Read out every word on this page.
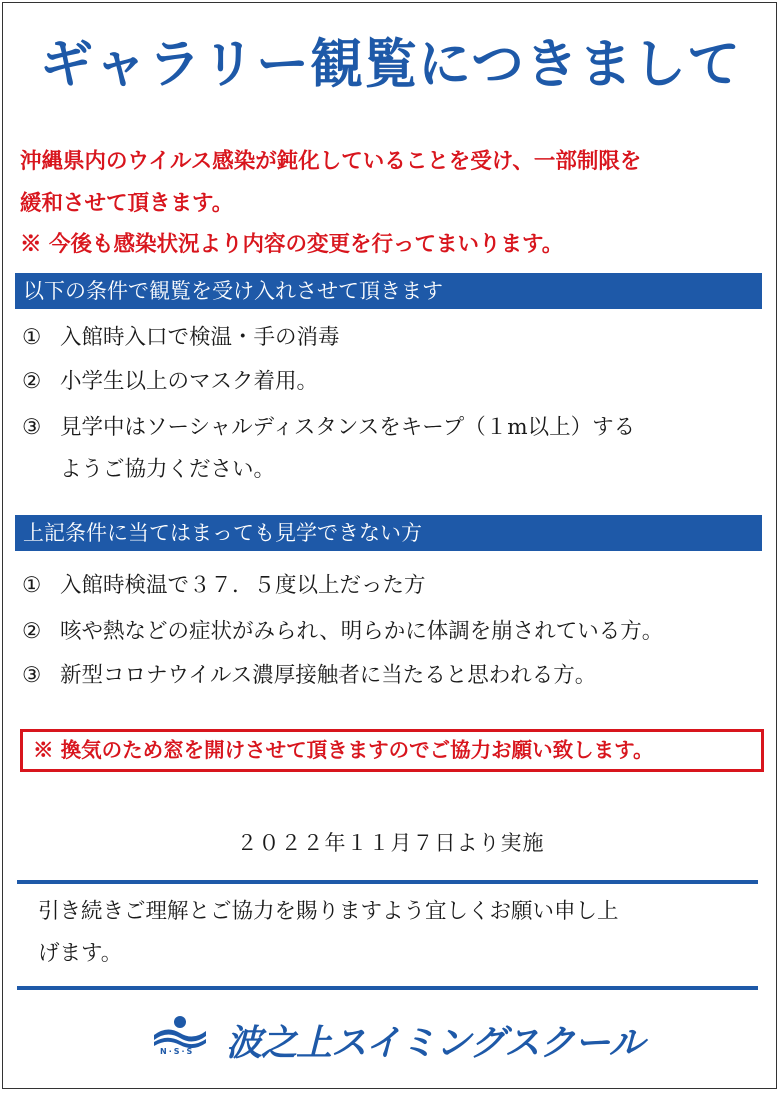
ギャラリー観覧につきまして
沖縄県内のウイルス感染が鈍化していることを受け、一部制限を
緩和させて頂きます。
※ 今後も感染状況より内容の変更を行ってまいります。
以下の条件で観覧を受け入れさせて頂きます
① 入館時入口で検温・手の消毒
② 小学生以上のマスク着用。
③ 見学中はソーシャルディスタンスをキープ（１m以上）する
ようご協力ください。
上記条件に当てはまっても見学できない方
① 入館時検温で３７．５度以上だった方
② 咳や熱などの症状がみられ、明らかに体調を崩されている方。
③ 新型コロナウイルス濃厚接触者に当たると思われる方。
※ 換気のため窓を開けさせて頂きますのでご協力お願い致します。
２０２２年１１月７日より実施
引き続きご理解とご協力を賜りますよう宜しくお願い申し上
げます。
N·S·S 波之上スイミングスクール
